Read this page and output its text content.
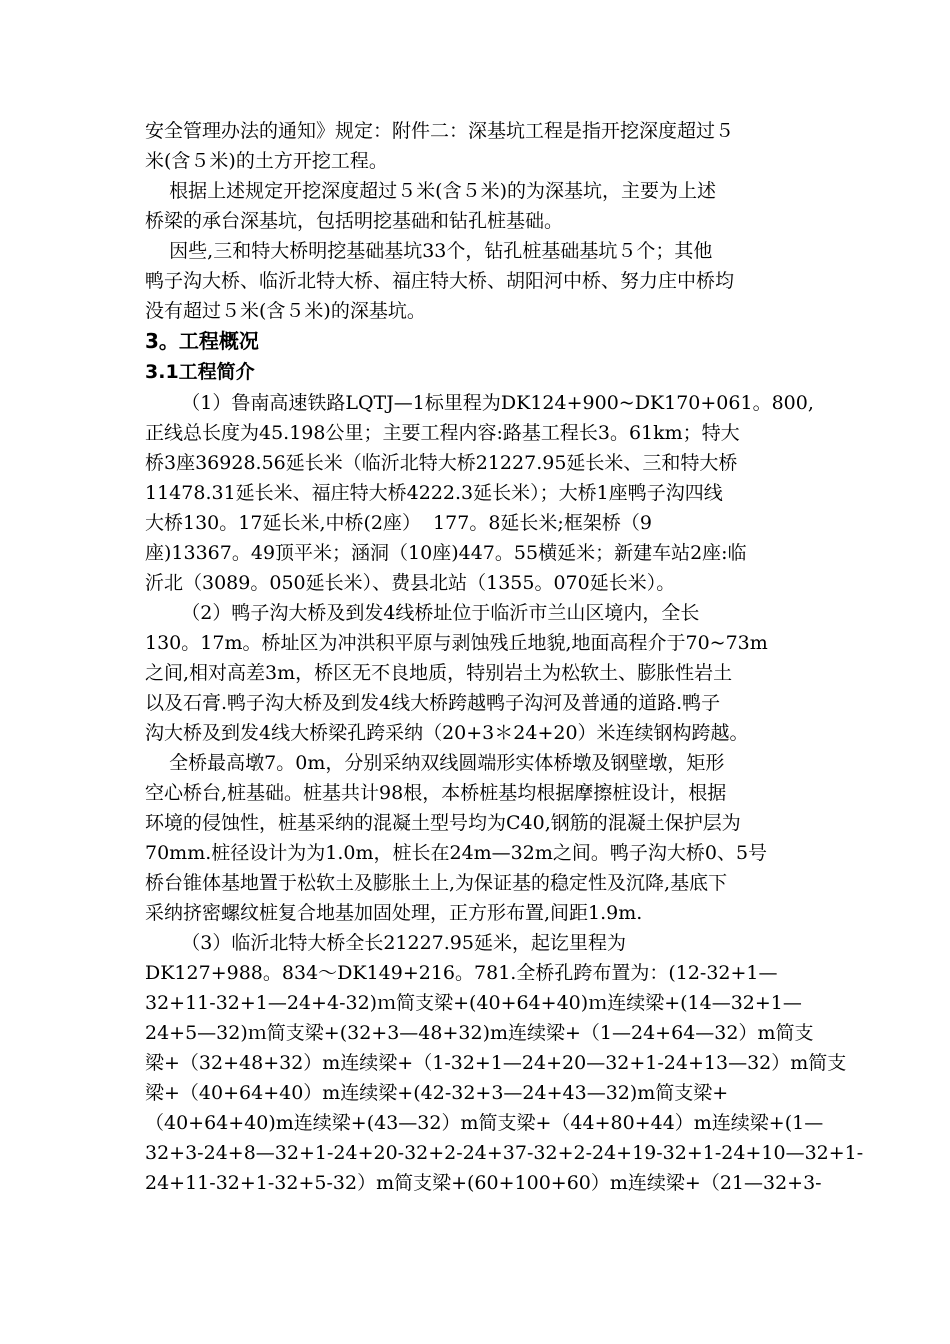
安全管理办法的通知》规定：附件二：深基坑工程是指开挖深度超过５
米(含５米)的土方开挖工程。
根据上述规定开挖深度超过５米(含５米)的为深基坑，主要为上述
桥梁的承台深基坑，包括明挖基础和钻孔桩基础。
因些,三和特大桥明挖基础基坑33个，钻孔桩基础基坑５个；其他
鸭子沟大桥、临沂北特大桥、福庄特大桥、胡阳河中桥、努力庄中桥均
没有超过５米(含５米)的深基坑。
3。工程概况
3.1工程简介
（1）鲁南高速铁路LQTJ—1标里程为DK124+900~DK170+061。800,
正线总长度为45.198公里；主要工程内容:路基工程长3。61km；特大
桥3座36928.56延长米（临沂北特大桥21227.95延长米、三和特大桥
11478.31延长米、福庄特大桥4222.3延长米）；大桥1座鸭子沟四线
大桥130。17延长米,中桥(2座）  177。8延长米;框架桥（9
座)13367。49顶平米；涵洞（10座)447。55横延米；新建车站2座:临
沂北（3089。050延长米）、费县北站（1355。070延长米）。
（2）鸭子沟大桥及到发4线桥址位于临沂市兰山区境内，全长
130。17m。桥址区为冲洪积平原与剥蚀残丘地貌,地面高程介于70~73m
之间,相对高差3m，桥区无不良地质，特别岩土为松软土、膨胀性岩土
以及石膏.鸭子沟大桥及到发4线大桥跨越鸭子沟河及普通的道路.鸭子
沟大桥及到发4线大桥梁孔跨采纳（20+3＊24+20）米连续钢构跨越。
全桥最高墩7。0m，分别采纳双线圆端形实体桥墩及钢壁墩，矩形
空心桥台,桩基础。桩基共计98根，本桥桩基均根据摩擦桩设计，根据
环境的侵蚀性，桩基采纳的混凝土型号均为C40,钢筋的混凝土保护层为
70mm.桩径设计为为1.0m，桩长在24m—32m之间。鸭子沟大桥0、5号
桥台锥体基地置于松软土及膨胀土上,为保证基的稳定性及沉降,基底下
采纳挤密螺纹桩复合地基加固处理，正方形布置,间距1.9m.
（3）临沂北特大桥全长21227.95延米，起讫里程为
DK127+988。834～DK149+216。781.全桥孔跨布置为：(12-32+1—
32+11-32+1—24+4-32)ｍ简支梁+(40+64+40)ｍ连续梁+(14—32+1—
24+5—32)ｍ简支梁+(32+3—48+32)m连续梁+（1—24+64—32）m简支
梁+（32+48+32）m连续梁+（1-32+1—24+20—32+1-24+13—32）m简支
梁+（40+64+40）m连续梁+(42-32+3—24+43—32)m简支梁+
（40+64+40)m连续梁+(43—32）m简支梁+（44+80+44）m连续梁+(1—
32+3-24+8—32+1-24+20-32+2-24+37-32+2-24+19-32+1-24+10—32+1-
24+11-32+1-32+5-32）m简支梁+(60+100+60）m连续梁+（21—32+3-
